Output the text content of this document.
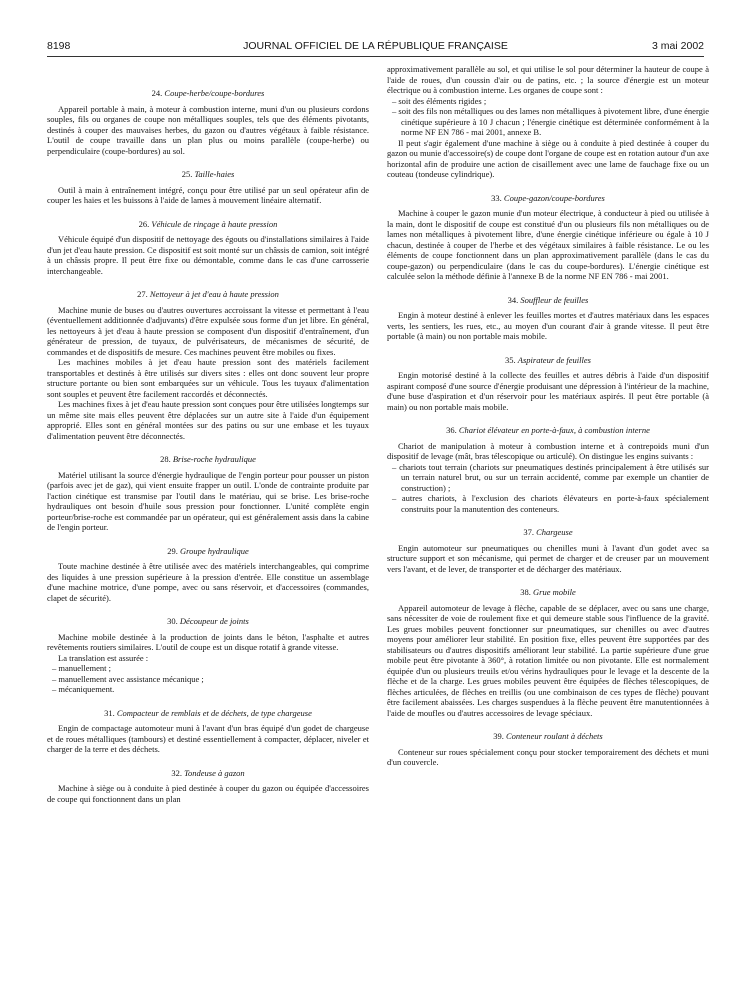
8198	JOURNAL OFFICIEL DE LA RÉPUBLIQUE FRANÇAISE	3 mai 2002
24. Coupe-herbe/coupe-bordures

Appareil portable à main, à moteur à combustion interne, muni d'un ou plusieurs cordons souples, fils ou organes de coupe non métalliques souples, tels que des éléments pivotants, destinés à couper des mauvaises herbes, du gazon ou d'autres végétaux à faible résistance. L'outil de coupe travaille dans un plan plus ou moins parallèle (coupe-herbe) ou perpendiculaire (coupe-bordures) au sol.

25. Taille-haies

Outil à main à entraînement intégré, conçu pour être utilisé par un seul opérateur afin de couper les haies et les buissons à l'aide de lames à mouvement linéaire alternatif.

26. Véhicule de rinçage à haute pression

Véhicule équipé d'un dispositif de nettoyage des égouts ou d'installations similaires à l'aide d'un jet d'eau haute pression. Ce dispositif est soit monté sur un châssis de camion, soit intégré à un châssis propre. Il peut être fixe ou démontable, comme dans le cas d'une carrosserie interchangeable.

27. Nettoyeur à jet d'eau à haute pression

Machine munie de buses ou d'autres ouvertures accroissant la vitesse et permettant à l'eau (éventuellement additionnée d'adjuvants) d'être expulsée sous forme d'un jet libre. En général, les nettoyeurs à jet d'eau à haute pression se composent d'un dispositif d'entraînement, d'un générateur de pression, de tuyaux, de pulvérisateurs, de mécanismes de sécurité, de commandes et de dispositifs de mesure. Ces machines peuvent être mobiles ou fixes.

Les machines mobiles à jet d'eau haute pression sont des matériels facilement transportables et destinés à être utilisés sur divers sites : elles ont donc souvent leur propre structure portante ou bien sont embarquées sur un véhicule. Tous les tuyaux d'alimentation sont souples et peuvent être facilement raccordés et déconnectés.

Les machines fixes à jet d'eau haute pression sont conçues pour être utilisées longtemps sur un même site mais elles peuvent être déplacées sur un autre site à l'aide d'un équipement approprié. Elles sont en général montées sur des patins ou sur une embase et les tuyaux d'alimentation peuvent être déconnectés.

28. Brise-roche hydraulique

Matériel utilisant la source d'énergie hydraulique de l'engin porteur pour pousser un piston (parfois avec jet de gaz), qui vient ensuite frapper un outil. L'onde de contrainte produite par l'action cinétique est transmise par l'outil dans le matériau, qui se brise. Les brise-roche hydrauliques ont besoin d'huile sous pression pour fonctionner. L'unité complète engin porteur/brise-roche est commandée par un opérateur, qui est généralement assis dans la cabine de l'engin porteur.

29. Groupe hydraulique

Toute machine destinée à être utilisée avec des matériels interchangeables, qui comprime des liquides à une pression supérieure à la pression d'entrée. Elle constitue un assemblage d'une machine motrice, d'une pompe, avec ou sans réservoir, et d'accessoires (commandes, clapet de sécurité).

30. Découpeur de joints

Machine mobile destinée à la production de joints dans le béton, l'asphalte et autres revêtements routiers similaires. L'outil de coupe est un disque rotatif à grande vitesse.

La translation est assurée :

– manuellement ;
– manuellement avec assistance mécanique ;
– mécaniquement.
31. Compacteur de remblais et de déchets, de type chargeuse

Engin de compactage automoteur muni à l'avant d'un bras équipé d'un godet de chargeuse et de roues métalliques (tambours) et destiné essentiellement à compacter, déplacer, niveler et charger de la terre et des déchets.

32. Tondeuse à gazon

Machine à siège ou à conduite à pied destinée à couper du gazon ou équipée d'accessoires de coupe qui fonctionnent dans un plan

approximativement parallèle au sol, et qui utilise le sol pour déterminer la hauteur de coupe à l'aide de roues, d'un coussin d'air ou de patins, etc. ; la source d'énergie est un moteur électrique ou à combustion interne. Les organes de coupe sont :

– soit des éléments rigides ;
– soit des fils non métalliques ou des lames non métalliques à pivotement libre, d'une énergie cinétique supérieure à 10 J chacun ; l'énergie cinétique est déterminée conformément à la norme NF EN 786 - mai 2001, annexe B.

Il peut s'agir également d'une machine à siège ou à conduite à pied destinée à couper du gazon ou munie d'accessoire(s) de coupe dont l'organe de coupe est en rotation autour d'un axe horizontal afin de produire une action de cisaillement avec une lame de fauchage fixe ou un couteau (tondeuse cylindrique).

33. Coupe-gazon/coupe-bordures

Machine à couper le gazon munie d'un moteur électrique, à conducteur à pied ou utilisée à la main, dont le dispositif de coupe est constitué d'un ou plusieurs fils non métalliques ou de lames non métalliques à pivotement libre, d'une énergie cinétique inférieure ou égale à 10 J chacun, destinée à couper de l'herbe et des végétaux similaires à faible résistance. Le ou les éléments de coupe fonctionnent dans un plan approximativement parallèle (dans le cas du coupe-gazon) ou perpendiculaire (dans le cas du coupe-bordures). L'énergie cinétique est calculée selon la méthode définie à l'annexe B de la norme NF EN 786 - mai 2001.

34. Souffleur de feuilles

Engin à moteur destiné à enlever les feuilles mortes et d'autres matériaux dans les espaces verts, les sentiers, les rues, etc., au moyen d'un courant d'air à grande vitesse. Il peut être portable (à main) ou non portable mais mobile.

35. Aspirateur de feuilles

Engin motorisé destiné à la collecte des feuilles et autres débris à l'aide d'un dispositif aspirant composé d'une source d'énergie produisant une dépression à l'intérieur de la machine, d'une buse d'aspiration et d'un réservoir pour les matériaux aspirés. Il peut être portable (à main) ou non portable mais mobile.

36. Chariot élévateur en porte-à-faux, à combustion interne

Chariot de manipulation à moteur à combustion interne et à contrepoids muni d'un dispositif de levage (mât, bras télescopique ou articulé). On distingue les engins suivants :

– chariots tout terrain (chariots sur pneumatiques destinés principalement à être utilisés sur un terrain naturel brut, ou sur un terrain accidenté, comme par exemple un chantier de construction) ;
– autres chariots, à l'exclusion des chariots élévateurs en porte-à-faux spécialement construits pour la manutention des conteneurs.
37. Chargeuse

Engin automoteur sur pneumatiques ou chenilles muni à l'avant d'un godet avec sa structure support et son mécanisme, qui permet de charger et de creuser par un mouvement vers l'avant, et de lever, de transporter et de décharger des matériaux.

38. Grue mobile

Appareil automoteur de levage à flèche, capable de se déplacer, avec ou sans une charge, sans nécessiter de voie de roulement fixe et qui demeure stable sous l'influence de la gravité. Les grues mobiles peuvent fonctionner sur pneumatiques, sur chenilles ou avec d'autres moyens pour améliorer leur stabilité. En position fixe, elles peuvent être supportées par des stabilisateurs ou d'autres dispositifs améliorant leur stabilité. La partie supérieure d'une grue mobile peut être pivotante à 360°, à rotation limitée ou non pivotante. Elle est normalement équipée d'un ou plusieurs treuils et/ou vérins hydrauliques pour le levage et la descente de la flèche et de la charge. Les grues mobiles peuvent être équipées de flèches télescopiques, de flèches articulées, de flèches en treillis (ou une combinaison de ces types de flèche) pouvant être facilement abaissées. Les charges suspendues à la flèche peuvent être manutentionnées à l'aide de moufles ou d'autres accessoires de levage spéciaux.

39. Conteneur roulant à déchets

Conteneur sur roues spécialement conçu pour stocker temporairement des déchets et muni d'un couvercle.
